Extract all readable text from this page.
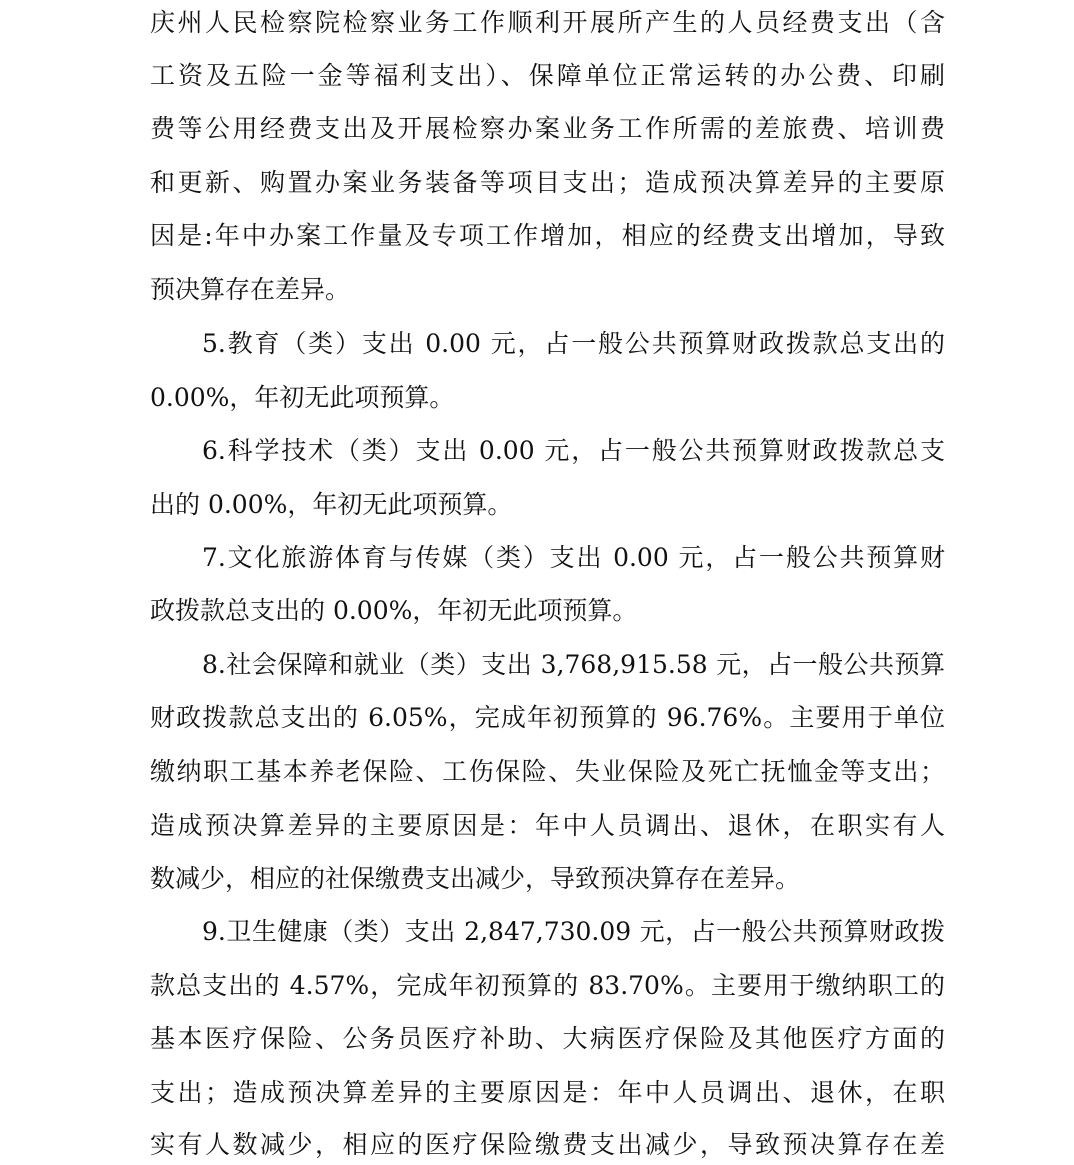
庆州人民检察院检察业务工作顺利开展所产生的人员经费支出（含
工资及五险一金等福利支出）、保障单位正常运转的办公费、印刷
费等公用经费支出及开展检察办案业务工作所需的差旅费、培训费
和更新、购置办案业务装备等项目支出；造成预决算差异的主要原
因是:年中办案工作量及专项工作增加，相应的经费支出增加，导致
预决算存在差异。
5.教育（类）支出 0.00 元，占一般公共预算财政拨款总支出的
0.00%，年初无此项预算。
6.科学技术（类）支出 0.00 元，占一般公共预算财政拨款总支
出的 0.00%，年初无此项预算。
7.文化旅游体育与传媒（类）支出 0.00 元，占一般公共预算财
政拨款总支出的 0.00%，年初无此项预算。
8.社会保障和就业（类）支出 3,768,915.58 元，占一般公共预算
财政拨款总支出的 6.05%，完成年初预算的 96.76%。主要用于单位
缴纳职工基本养老保险、工伤保险、失业保险及死亡抚恤金等支出；
造成预决算差异的主要原因是：年中人员调出、退休，在职实有人
数减少，相应的社保缴费支出减少，导致预决算存在差异。
9.卫生健康（类）支出 2,847,730.09 元，占一般公共预算财政拨
款总支出的 4.57%，完成年初预算的 83.70%。主要用于缴纳职工的
基本医疗保险、公务员医疗补助、大病医疗保险及其他医疗方面的
支出；造成预决算差异的主要原因是：年中人员调出、退休，在职
实有人数减少，相应的医疗保险缴费支出减少，导致预决算存在差
